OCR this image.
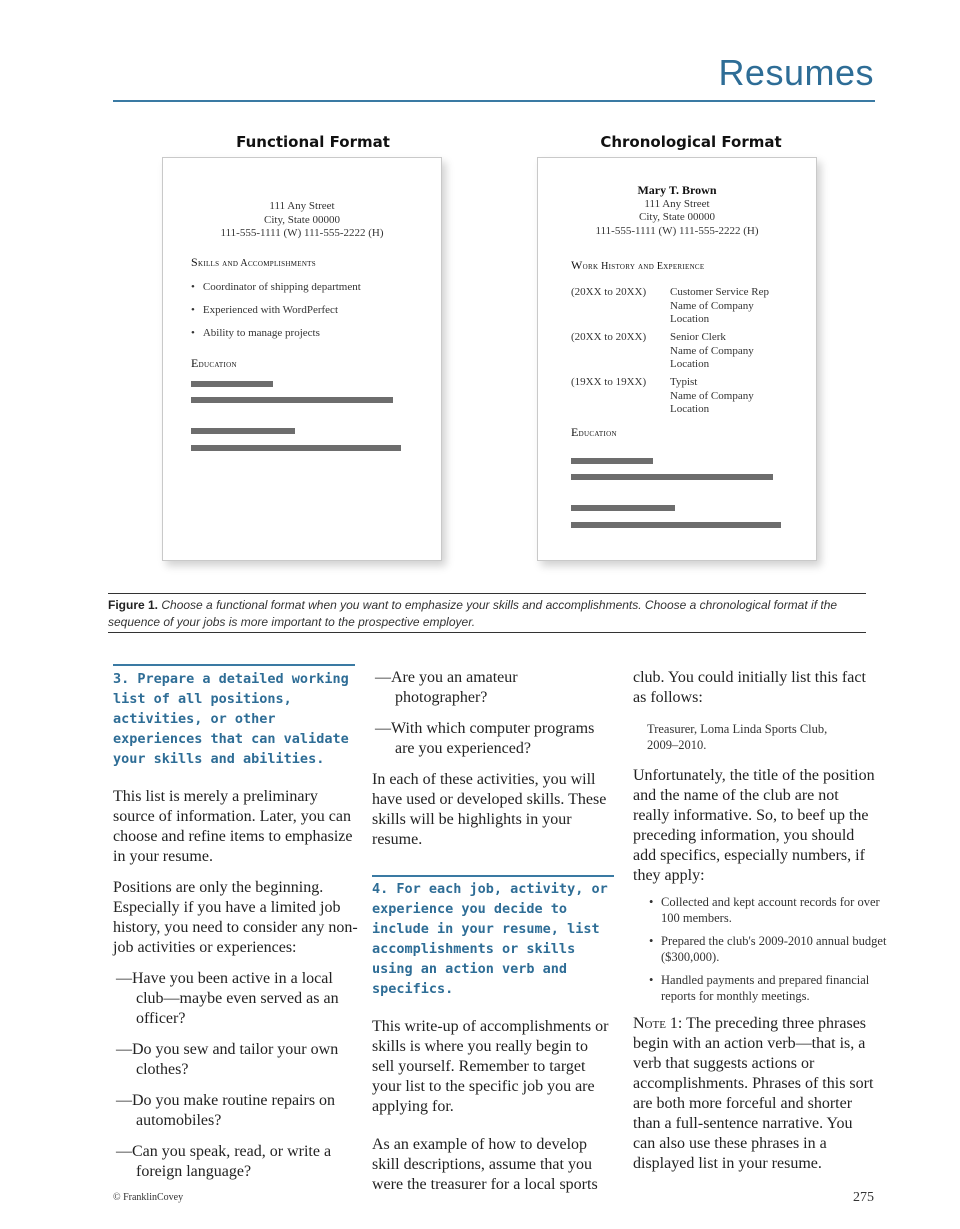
Resumes
Functional Format
111 Any Street
City, State 00000
111-555-1111 (W) 111-555-2222 (H)
Skills and Accomplishments
• Coordinator of shipping department
• Experienced with WordPerfect
• Ability to manage projects
Education
Chronological Format
Mary T. Brown
111 Any Street
City, State 00000
111-555-1111 (W) 111-555-2222 (H)
Work History and Experience
(20XX to 20XX) Customer Service Rep
Name of Company
Location
(20XX to 20XX) Senior Clerk
Name of Company
Location
(19XX to 19XX) Typist
Name of Company
Location
Education
Figure 1. Choose a functional format when you want to emphasize your skills and accomplishments. Choose a chronological format if the sequence of your jobs is more important to the prospective employer.
3. Prepare a detailed working list of all positions, activities, or other experiences that can validate your skills and abilities.
This list is merely a preliminary source of information. Later, you can choose and refine items to emphasize in your resume.
Positions are only the beginning. Especially if you have a limited job history, you need to consider any non-job activities or experiences:
—Have you been active in a local club—maybe even served as an officer?
—Do you sew and tailor your own clothes?
—Do you make routine repairs on automobiles?
—Can you speak, read, or write a foreign language?
—Are you an amateur photographer?
—With which computer programs are you experienced?
In each of these activities, you will have used or developed skills. These skills will be highlights in your resume.
4. For each job, activity, or experience you decide to include in your resume, list accomplishments or skills using an action verb and specifics.
This write-up of accomplishments or skills is where you really begin to sell yourself. Remember to target your list to the specific job you are applying for.
As an example of how to develop skill descriptions, assume that you were the treasurer for a local sports
club. You could initially list this fact as follows:
Treasurer, Loma Linda Sports Club, 2009–2010.
Unfortunately, the title of the position and the name of the club are not really informative. So, to beef up the preceding information, you should add specifics, especially numbers, if they apply:
• Collected and kept account records for over 100 members.
• Prepared the club's 2009-2010 annual budget ($300,000).
• Handled payments and prepared financial reports for monthly meetings.
Note 1: The preceding three phrases begin with an action verb—that is, a verb that suggests actions or accomplishments. Phrases of this sort are both more forceful and shorter than a full-sentence narrative. You can also use these phrases in a displayed list in your resume.
© FranklinCovey	275
